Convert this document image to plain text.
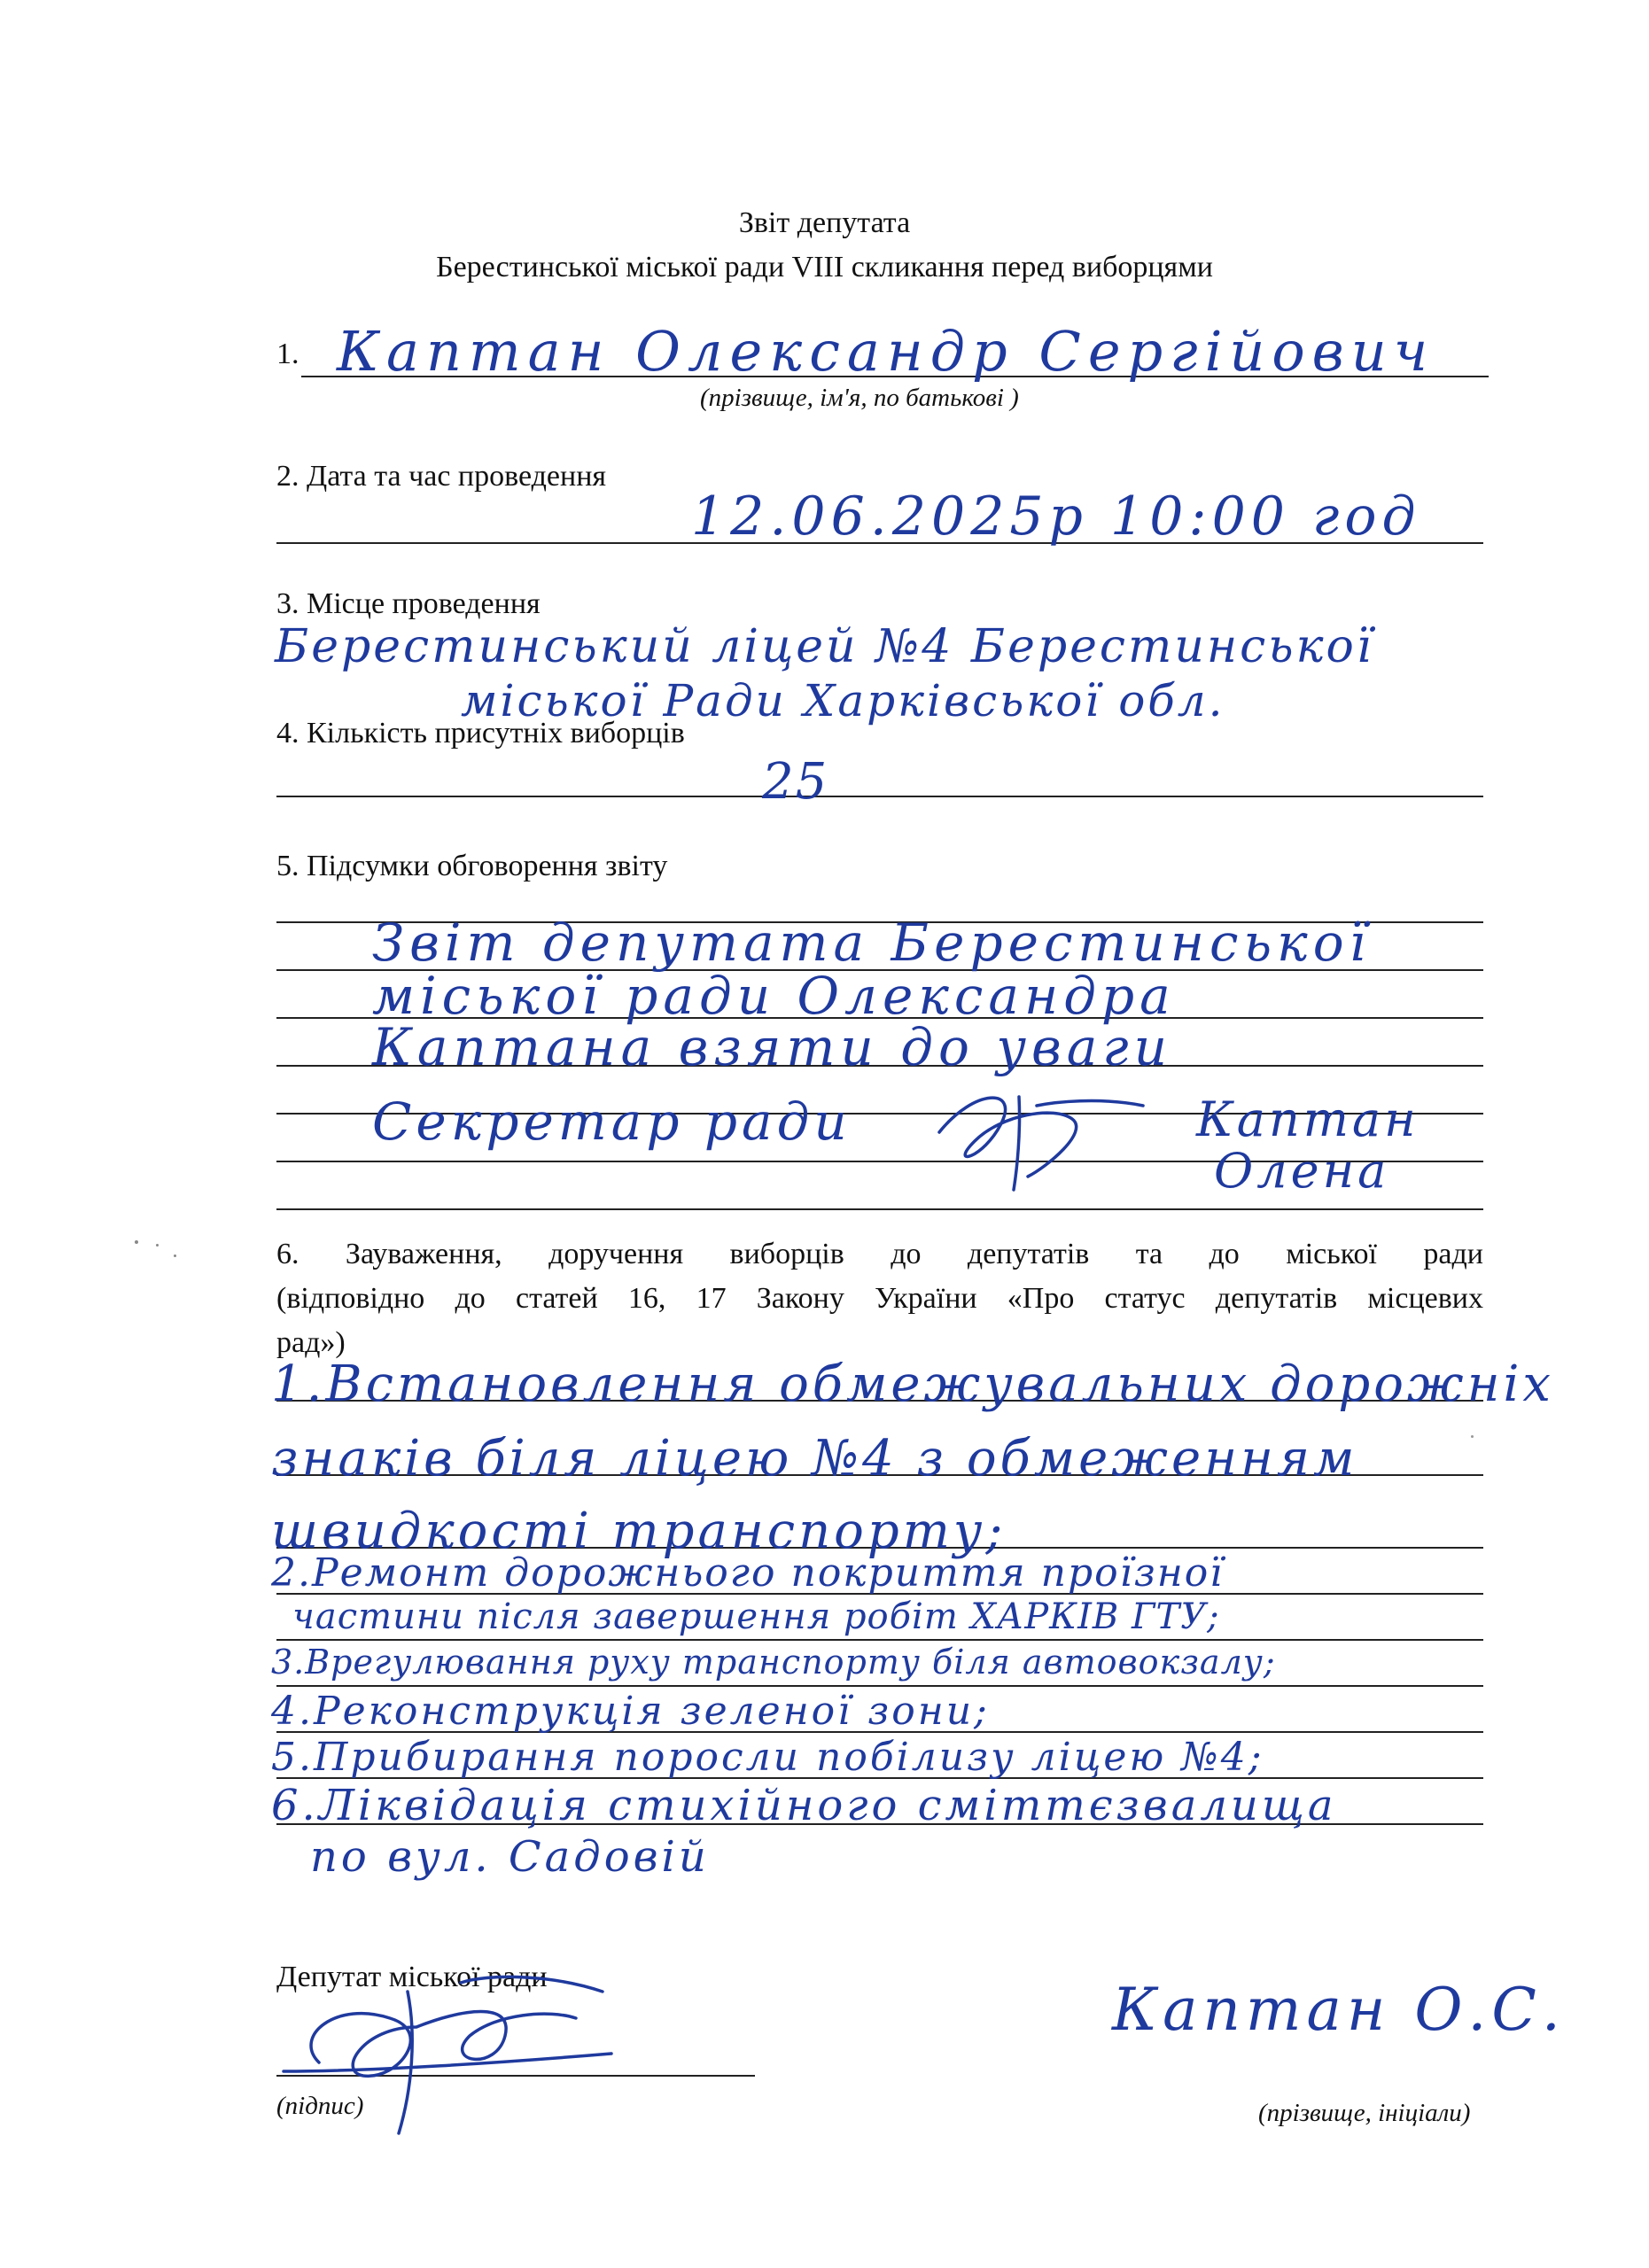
Звіт депутата
Берестинської міської ради VIII скликання перед виборцями
1. Каптан Олександр Сергійович
(прізвище, ім'я, по батькові )
2. Дата та час проведення
12.06.2025р 10:00 год
3. Місце проведення
Берестинський ліцей №4 Берестинської
міської Ради Харківської обл.
4. Кількість присутніх виборців
25
5. Підсумки обговорення звіту
Звіт депутата Берестинської
міської ради Олександра
Каптана взяти до уваги
Секретар ради	Каптан
Олена
6. Зауваження, доручення виборців до депутатів та до міської ради
(відповідно до статей 16, 17 Закону України «Про статус депутатів місцевих
рад»)
1.Встановлення обмежувальних дорожніх
знаків біля ліцею №4 з обмеженням
швидкості транспорту;
2.Ремонт дорожнього покриття проїзної
частини після завершення робіт ХАРКІВ ГТУ;
3.Врегулювання руху транспорту біля автовокзалу;
4.Реконструкція зеленої зони;
5.Прибирання поросли побілизу ліцею №4;
6.Ліквідація стихійного сміттєзвалища
по вул. Садовій
Депутат міської ради
(підпис)
Каптан О.С.
(прізвище, ініціали)
